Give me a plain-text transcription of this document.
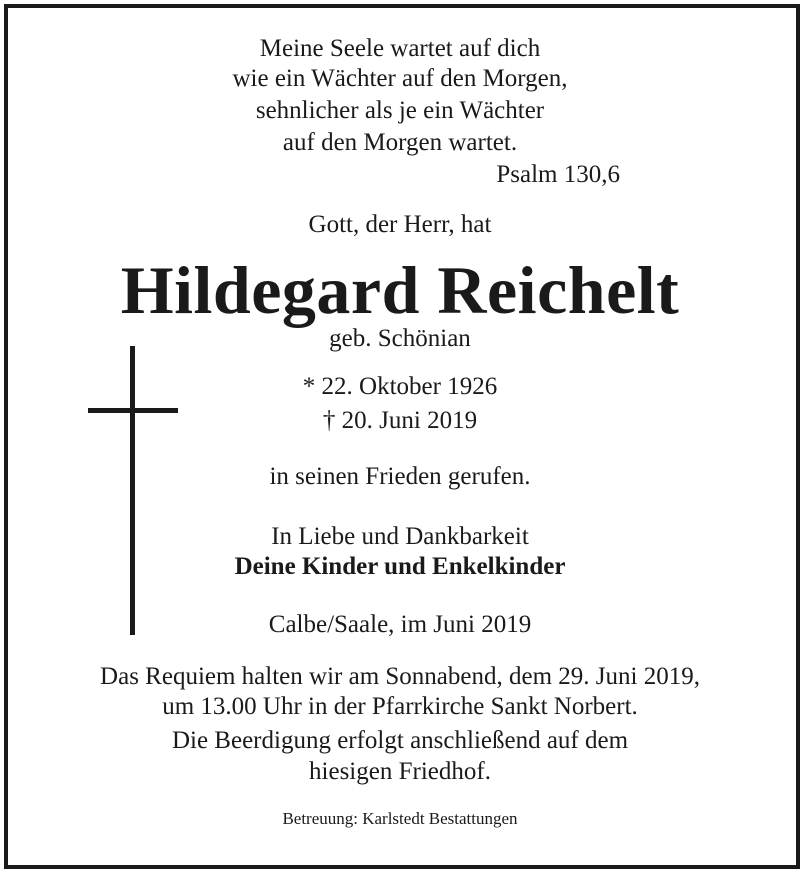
Meine Seele wartet auf dich
wie ein Wächter auf den Morgen,
sehnlicher als je ein Wächter
auf den Morgen wartet.
Psalm 130,6
Gott, der Herr, hat
Hildegard Reichelt
geb. Schönian
* 22. Oktober 1926
† 20. Juni 2019
in seinen Frieden gerufen.
In Liebe und Dankbarkeit
Deine Kinder und Enkelkinder
Calbe/Saale, im Juni 2019
Das Requiem halten wir am Sonnabend, dem 29. Juni 2019,
um 13.00 Uhr in der Pfarrkirche Sankt Norbert.
Die Beerdigung erfolgt anschließend auf dem
hiesigen Friedhof.
Betreuung: Karlstedt Bestattungen
